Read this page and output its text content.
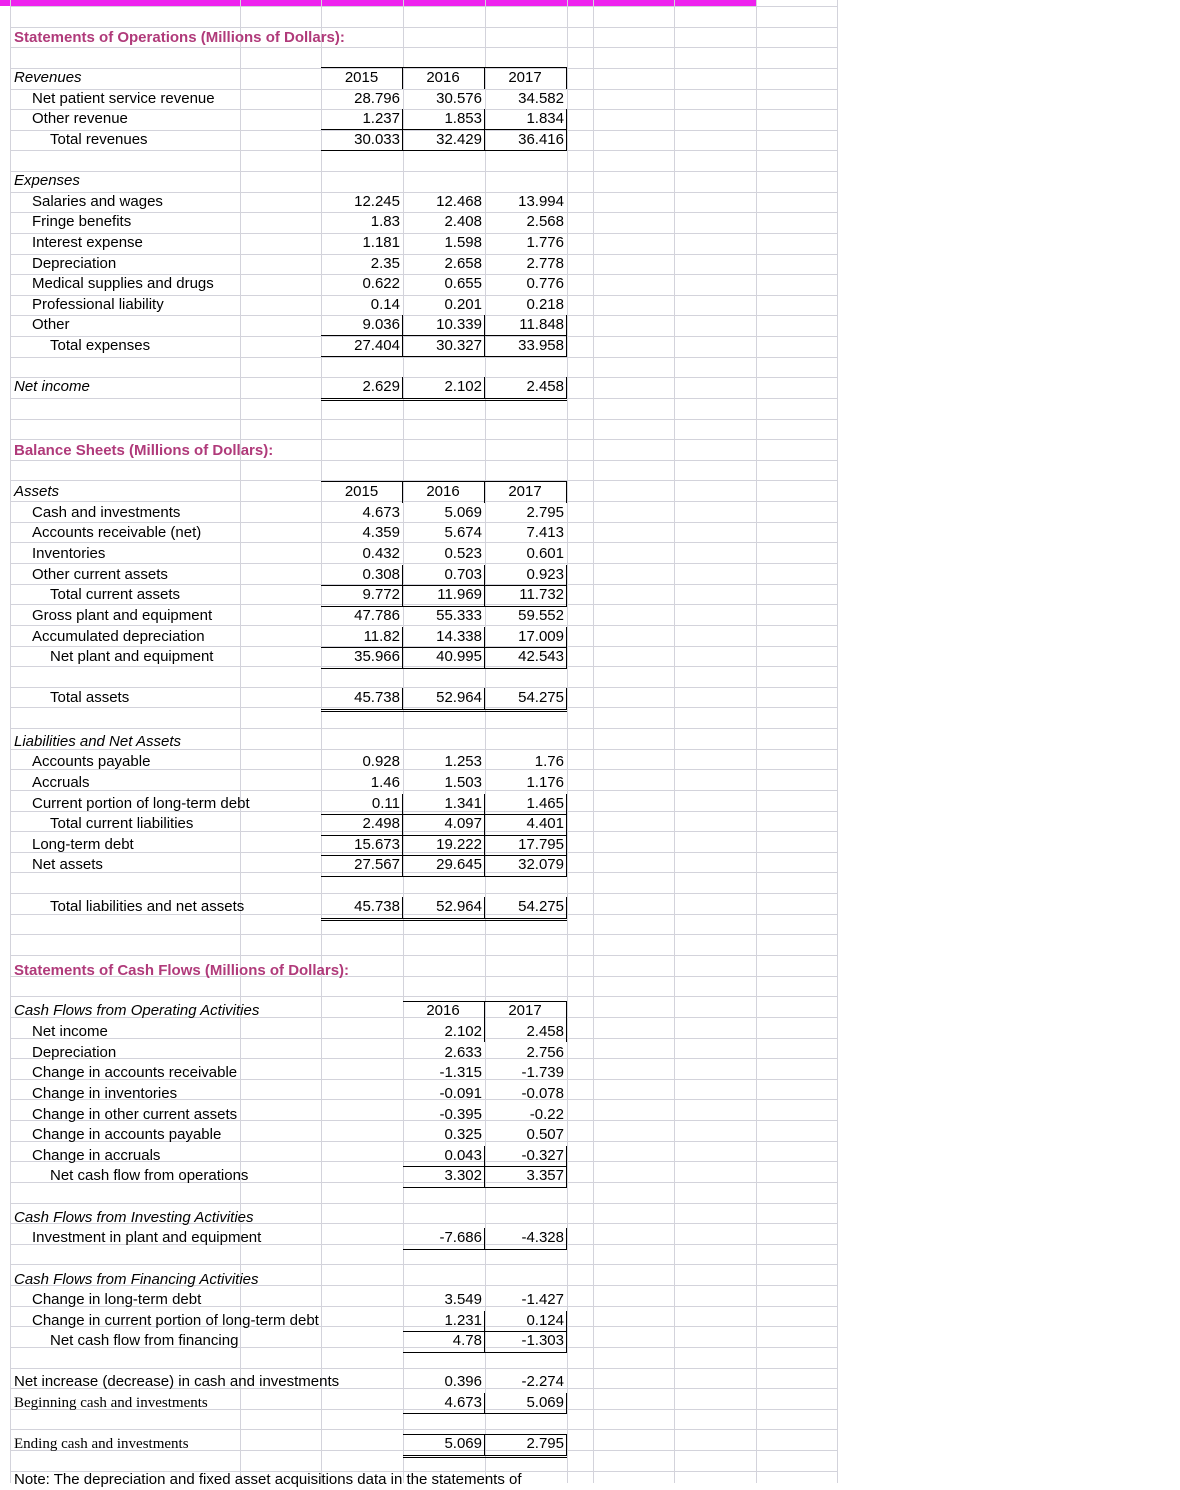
Statements of Operations (Millions of Dollars):
Revenues	2015	2016	2017
Net patient service revenue	28.796	30.576	34.582
Other revenue	1.237	1.853	1.834
Total revenues	30.033	32.429	36.416
Expenses
Salaries and wages	12.245	12.468	13.994
Fringe benefits	1.83	2.408	2.568
Interest expense	1.181	1.598	1.776
Depreciation	2.35	2.658	2.778
Medical supplies and drugs	0.622	0.655	0.776
Professional liability	0.14	0.201	0.218
Other	9.036	10.339	11.848
Total expenses	27.404	30.327	33.958
Net income	2.629	2.102	2.458
Balance Sheets (Millions of Dollars):
Assets	2015	2016	2017
Cash and investments	4.673	5.069	2.795
Accounts receivable (net)	4.359	5.674	7.413
Inventories	0.432	0.523	0.601
Other current assets	0.308	0.703	0.923
Total current assets	9.772	11.969	11.732
Gross plant and equipment	47.786	55.333	59.552
Accumulated depreciation	11.82	14.338	17.009
Net plant and equipment	35.966	40.995	42.543
Total assets	45.738	52.964	54.275
Liabilities and Net Assets
Accounts payable	0.928	1.253	1.76
Accruals	1.46	1.503	1.176
Current portion of long-term debt	0.11	1.341	1.465
Total current liabilities	2.498	4.097	4.401
Long-term debt	15.673	19.222	17.795
Net assets	27.567	29.645	32.079
Total liabilities and net assets	45.738	52.964	54.275
Statements of Cash Flows (Millions of Dollars):
Cash Flows from Operating Activities	2016	2017
Net income	2.102	2.458
Depreciation	2.633	2.756
Change in accounts receivable	-1.315	-1.739
Change in inventories	-0.091	-0.078
Change in other current assets	-0.395	-0.22
Change in accounts payable	0.325	0.507
Change in accruals	0.043	-0.327
Net cash flow from operations	3.302	3.357
Cash Flows from Investing Activities
Investment in plant and equipment	-7.686	-4.328
Cash Flows from Financing Activities
Change in long-term debt	3.549	-1.427
Change in current portion of long-term debt	1.231	0.124
Net cash flow from financing	4.78	-1.303
Net increase (decrease) in cash and investments	0.396	-2.274
Beginning cash and investments	4.673	5.069
Ending cash and investments	5.069	2.795
Note: The depreciation and fixed asset acquisitions data in the statements of
